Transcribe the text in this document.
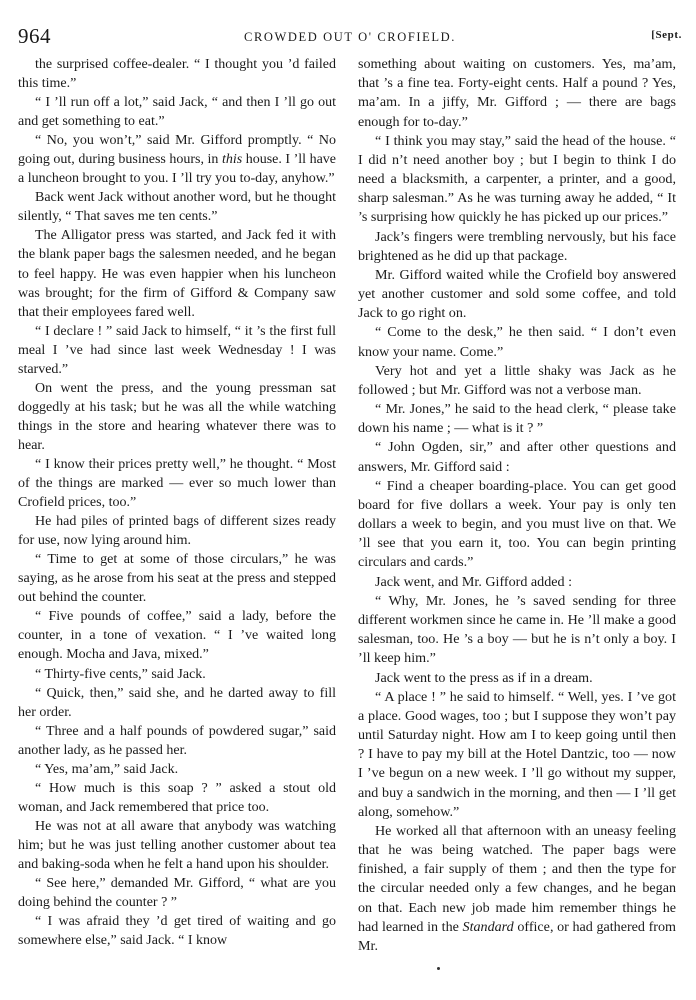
964	CROWDED OUT O' CROFIELD.	[Sept.

the surprised coffee-dealer. “ I thought you ’d failed this time.”

“ I ’ll run off a lot,” said Jack, “ and then I ’ll go out and get something to eat.”

“ No, you won’t,” said Mr. Gifford promptly. “ No going out, during business hours, in this house. I ’ll have a luncheon brought to you. I ’ll try you to-day, anyhow.”

Back went Jack without another word, but he thought silently, “ That saves me ten cents.”

The Alligator press was started, and Jack fed it with the blank paper bags the salesmen needed, and he began to feel happy. He was even happier when his luncheon was brought; for the firm of Gifford & Company saw that their employees fared well.

“ I declare ! ” said Jack to himself, “ it ’s the first full meal I ’ve had since last week Wednesday ! I was starved.”

On went the press, and the young pressman sat doggedly at his task; but he was all the while watching things in the store and hearing whatever there was to hear.

“ I know their prices pretty well,” he thought. “ Most of the things are marked — ever so much lower than Crofield prices, too.”

He had piles of printed bags of different sizes ready for use, now lying around him.

“ Time to get at some of those circulars,” he was saying, as he arose from his seat at the press and stepped out behind the counter.

“ Five pounds of coffee,” said a lady, before the counter, in a tone of vexation. “ I ’ve waited long enough. Mocha and Java, mixed.”

“ Thirty-five cents,” said Jack.

“ Quick, then,” said she, and he darted away to fill her order.

“ Three and a half pounds of powdered sugar,” said another lady, as he passed her.

“ Yes, ma’am,” said Jack.

“ How much is this soap ? ” asked a stout old woman, and Jack remembered that price too.

He was not at all aware that anybody was watching him; but he was just telling another customer about tea and baking-soda when he felt a hand upon his shoulder.

“ See here,” demanded Mr. Gifford, “ what are you doing behind the counter ? ”

“ I was afraid they ’d get tired of waiting and go somewhere else,” said Jack. “ I know

something about waiting on customers. Yes, ma’am, that ’s a fine tea. Forty-eight cents. Half a pound ? Yes, ma’am. In a jiffy, Mr. Gifford ; — there are bags enough for to-day.”

“ I think you may stay,” said the head of the house. “ I did n’t need another boy ; but I begin to think I do need a blacksmith, a carpenter, a printer, and a good, sharp salesman.” As he was turning away he added, “ It ’s surprising how quickly he has picked up our prices.”

Jack’s fingers were trembling nervously, but his face brightened as he did up that package.

Mr. Gifford waited while the Crofield boy answered yet another customer and sold some coffee, and told Jack to go right on.

“ Come to the desk,” he then said. “ I don’t even know your name. Come.”

Very hot and yet a little shaky was Jack as he followed ; but Mr. Gifford was not a verbose man.

“ Mr. Jones,” he said to the head clerk, “ please take down his name ; — what is it ? ”

“ John Ogden, sir,” and after other questions and answers, Mr. Gifford said :

“ Find a cheaper boarding-place. You can get good board for five dollars a week. Your pay is only ten dollars a week to begin, and you must live on that. We ’ll see that you earn it, too. You can begin printing circulars and cards.”

Jack went, and Mr. Gifford added :

“ Why, Mr. Jones, he ’s saved sending for three different workmen since he came in. He ’ll make a good salesman, too. He ’s a boy — but he is n’t only a boy. I ’ll keep him.”

Jack went to the press as if in a dream.

“ A place ! ” he said to himself. “ Well, yes. I ’ve got a place. Good wages, too ; but I suppose they won’t pay until Saturday night. How am I to keep going until then ? I have to pay my bill at the Hotel Dantzic, too — now I ’ve begun on a new week. I ’ll go without my supper, and buy a sandwich in the morning, and then — I ’ll get along, somehow.”

He worked all that afternoon with an uneasy feeling that he was being watched. The paper bags were finished, a fair supply of them ; and then the type for the circular needed only a few changes, and he began on that. Each new job made him remember things he had learned in the Standard office, or had gathered from Mr.
